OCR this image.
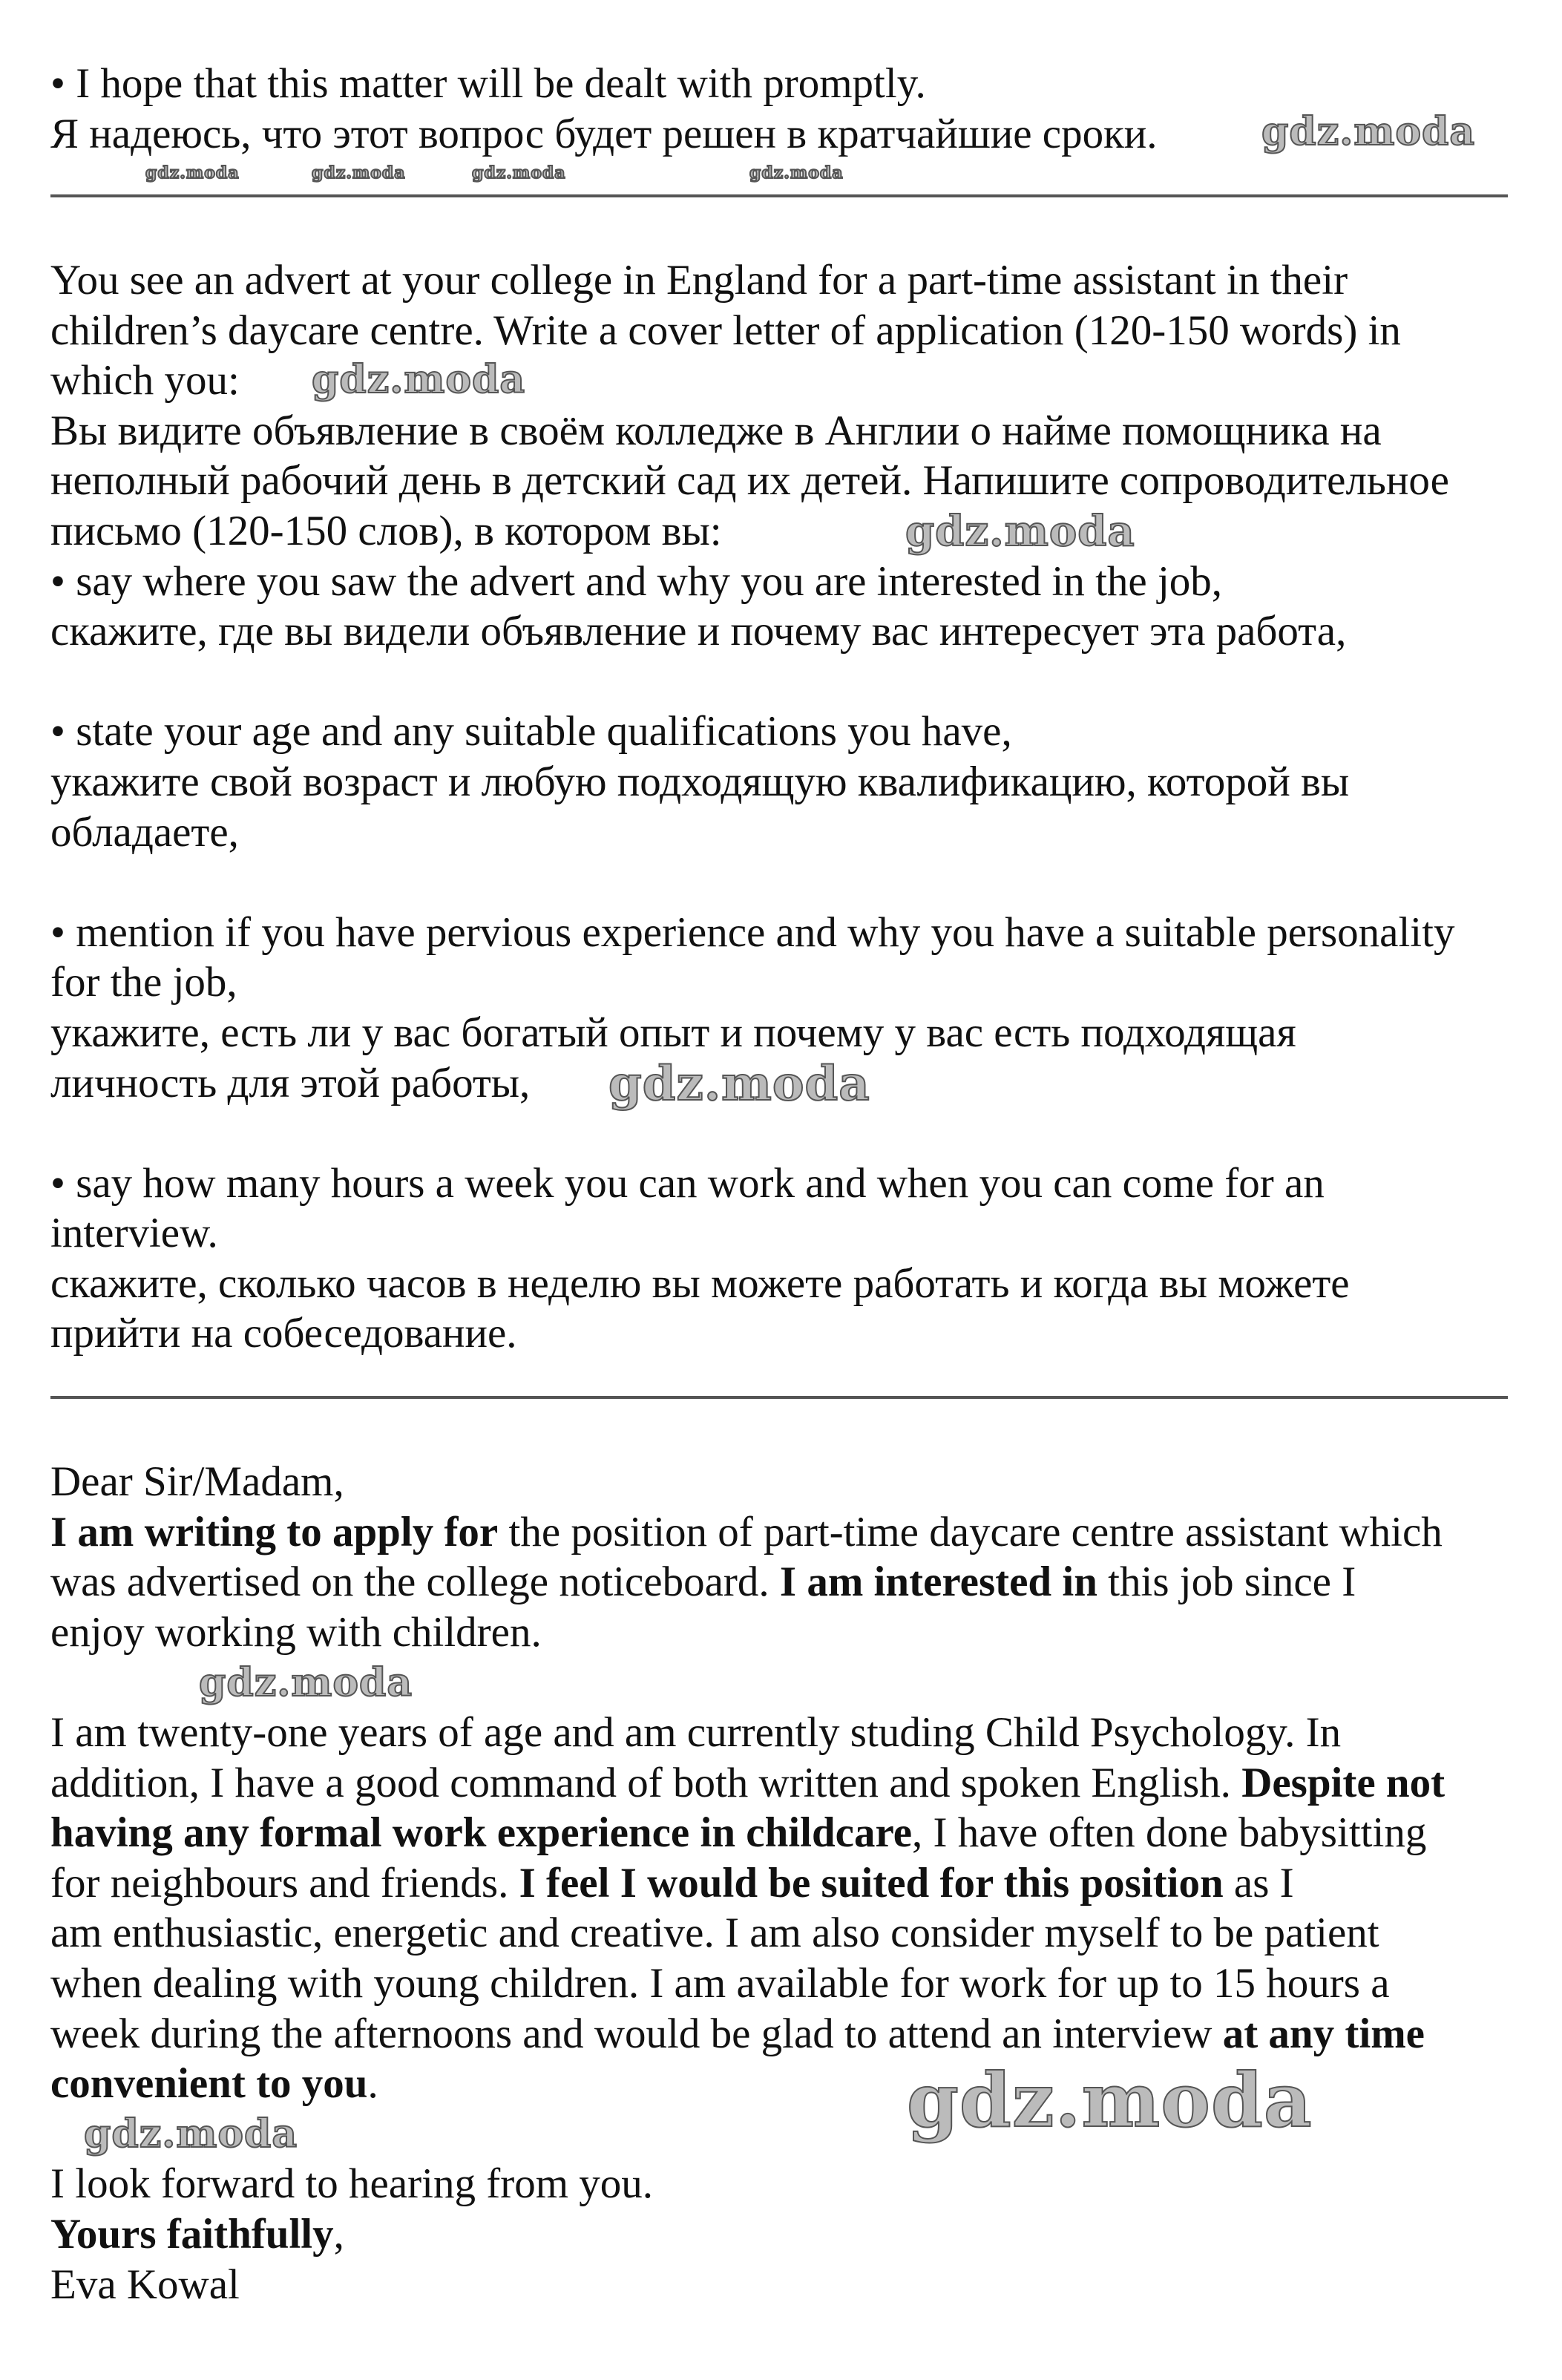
• I hope that this matter will be dealt with promptly.
Я надеюсь, что этот вопрос будет решен в кратчайшие сроки.
You see an advert at your college in England for a part-time assistant in their
children’s daycare centre. Write a cover letter of application (120-150 words) in
which you:
Вы видите объявление в своём колледже в Англии о найме помощника на
неполный рабочий день в детский сад их детей. Напишите сопроводительное
письмо (120-150 слов), в котором вы:
• say where you saw the advert and why you are interested in the job,
скажите, где вы видели объявление и почему вас интересует эта работа,
• state your age and any suitable qualifications you have,
укажите свой возраст и любую подходящую квалификацию, которой вы
обладаете,
• mention if you have pervious experience and why you have a suitable personality
for the job,
укажите, есть ли у вас богатый опыт и почему у вас есть подходящая
личность для этой работы,
• say how many hours a week you can work and when you can come for an
interview.
скажите, сколько часов в неделю вы можете работать и когда вы можете
прийти на собеседование.
Dear Sir/Madam,
I am writing to apply for the position of part-time daycare centre assistant which
was advertised on the college noticeboard. I am interested in this job since I
enjoy working with children.
I am twenty-one years of age and am currently studing Child Psychology. In
addition, I have a good command of both written and spoken English. Despite not
having any formal work experience in childcare, I have often done babysitting
for neighbours and friends. I feel I would be suited for this position as I
am enthusiastic, energetic and creative. I am also consider myself to be patient
when dealing with young children. I am available for work for up to 15 hours a
week during the afternoons and would be glad to attend an interview at any time
convenient to you.
I look forward to hearing from you.
Yours faithfully,
Eva Kowal
gdz.moda	gdz.moda	gdz.moda	gdz.moda
gdz.moda
gdz.moda
gdz.moda
gdz.moda
gdz.moda
gdz.moda
gdz.moda
